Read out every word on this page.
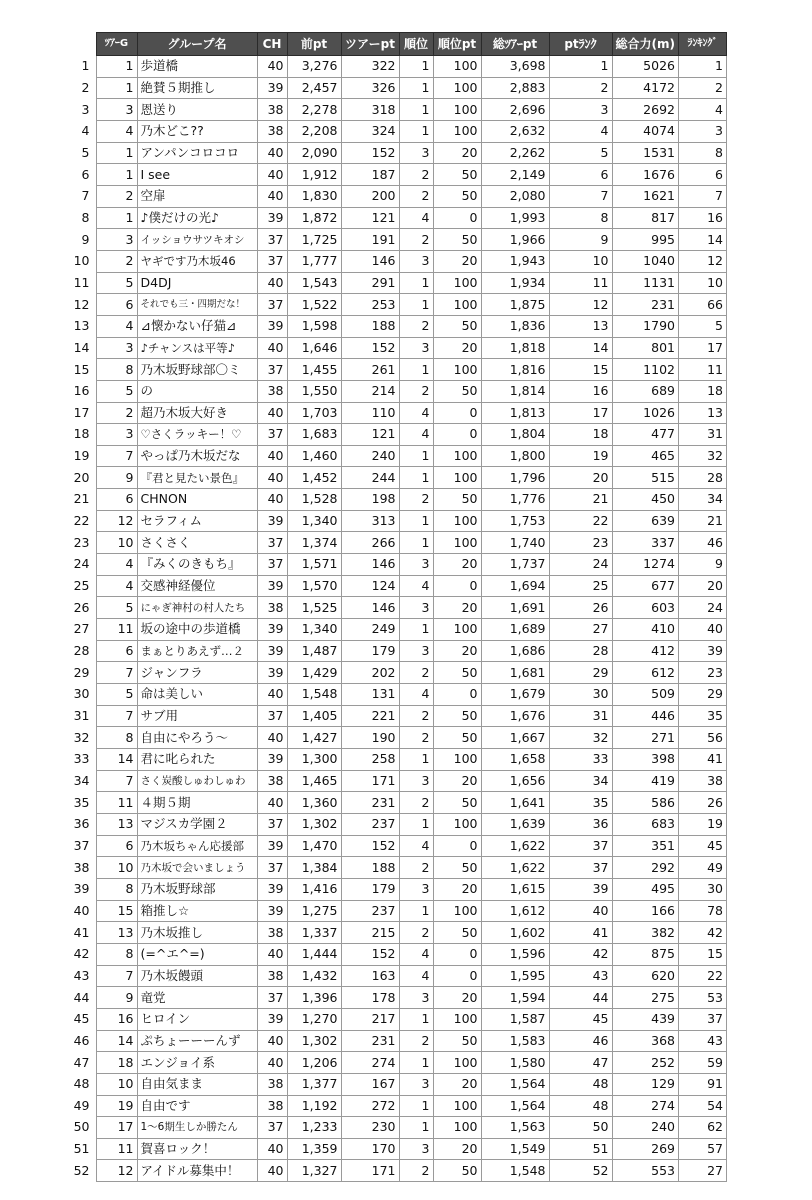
	ﾂｱｰG	グループ名	CH	前pt	ツアーpt	順位	順位pt	総ﾂｱｰpt	ptﾗﾝｸ	総合力(m)	ﾗﾝｷﾝｸﾞ
1	1	歩道橋	40	3,276	322	1	100	3,698	1	5026	1
2	1	絶賛５期推し	39	2,457	326	1	100	2,883	2	4172	2
3	3	恩送り	38	2,278	318	1	100	2,696	3	2692	4
4	4	乃木どこ??	38	2,208	324	1	100	2,632	4	4074	3
5	1	アンパンコロコロ	40	2,090	152	3	20	2,262	5	1531	8
6	1	I see	40	1,912	187	2	50	2,149	6	1676	6
7	2	空扉	40	1,830	200	2	50	2,080	7	1621	7
8	1	♪僕だけの光♪	39	1,872	121	4	0	1,993	8	817	16
9	3	イッショウサツキオシ	37	1,725	191	2	50	1,966	9	995	14
10	2	ヤギです乃木坂46	37	1,777	146	3	20	1,943	10	1040	12
11	5	D4DJ	40	1,543	291	1	100	1,934	11	1131	10
12	6	それでも三・四期だな！	37	1,522	253	1	100	1,875	12	231	66
13	4	⊿懐かない仔猫⊿	39	1,598	188	2	50	1,836	13	1790	5
14	3	♪チャンスは平等♪	40	1,646	152	3	20	1,818	14	801	17
15	8	乃木坂野球部〇ミ	37	1,455	261	1	100	1,816	15	1102	11
16	5	の	38	1,550	214	2	50	1,814	16	689	18
17	2	超乃木坂大好き	40	1,703	110	4	0	1,813	17	1026	13
18	3	♡さくラッキー！♡	37	1,683	121	4	0	1,804	18	477	31
19	7	やっぱ乃木坂だな	40	1,460	240	1	100	1,800	19	465	32
20	9	『君と見たい景色』	40	1,452	244	1	100	1,796	20	515	28
21	6	CHNON	40	1,528	198	2	50	1,776	21	450	34
22	12	セラフィム	39	1,340	313	1	100	1,753	22	639	21
23	10	さくさく	37	1,374	266	1	100	1,740	23	337	46
24	4	『みくのきもち』	37	1,571	146	3	20	1,737	24	1274	9
25	4	交感神経優位	39	1,570	124	4	0	1,694	25	677	20
26	5	にゃぎ神村の村人たち	38	1,525	146	3	20	1,691	26	603	24
27	11	坂の途中の歩道橋	39	1,340	249	1	100	1,689	27	410	40
28	6	まぁとりあえず…２	39	1,487	179	3	20	1,686	28	412	39
29	7	ジャンフラ	39	1,429	202	2	50	1,681	29	612	23
30	5	命は美しい	40	1,548	131	4	0	1,679	30	509	29
31	7	サブ用	37	1,405	221	2	50	1,676	31	446	35
32	8	自由にやろう～	40	1,427	190	2	50	1,667	32	271	56
33	14	君に叱られた	39	1,300	258	1	100	1,658	33	398	41
34	7	さく炭酸しゅわしゅわ	38	1,465	171	3	20	1,656	34	419	38
35	11	４期５期	40	1,360	231	2	50	1,641	35	586	26
36	13	マジスカ学園２	37	1,302	237	1	100	1,639	36	683	19
37	6	乃木坂ちゃん応援部	39	1,470	152	4	0	1,622	37	351	45
38	10	乃木坂で会いましょう	37	1,384	188	2	50	1,622	37	292	49
39	8	乃木坂野球部	39	1,416	179	3	20	1,615	39	495	30
40	15	箱推し☆	39	1,275	237	1	100	1,612	40	166	78
41	13	乃木坂推し	38	1,337	215	2	50	1,602	41	382	42
42	8	(=^エ^=)	40	1,444	152	4	0	1,596	42	875	15
43	7	乃木坂饅頭	38	1,432	163	4	0	1,595	43	620	22
44	9	竜党	37	1,396	178	3	20	1,594	44	275	53
45	16	ヒロイン	39	1,270	217	1	100	1,587	45	439	37
46	14	ぷちょーーーんず	40	1,302	231	2	50	1,583	46	368	43
47	18	エンジョイ系	40	1,206	274	1	100	1,580	47	252	59
48	10	自由気まま	38	1,377	167	3	20	1,564	48	129	91
49	19	自由です	38	1,192	272	1	100	1,564	48	274	54
50	17	1～6期生しか勝たん	37	1,233	230	1	100	1,563	50	240	62
51	11	賀喜ロック！	40	1,359	170	3	20	1,549	51	269	57
52	12	アイドル募集中！	40	1,327	171	2	50	1,548	52	553	27
